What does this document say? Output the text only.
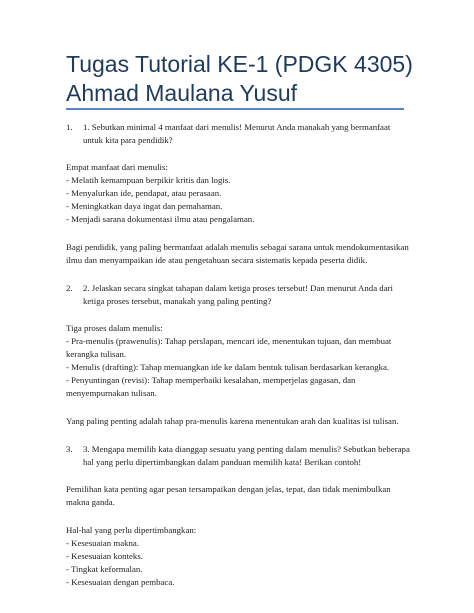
Tugas Tutorial KE-1 (PDGK 4305) Ahmad Maulana Yusuf
1.	1. Sebutkan minimal 4 manfaat dari menulis! Menurut Anda manakah yang bermanfaat untuk kita para pendidik?
Empat manfaat dari menulis:
- Melatih kemampuan berpikir kritis dan logis.
- Menyalurkan ide, pendapat, atau perasaan.
- Meningkatkan daya ingat dan pemahaman.
- Menjadi sarana dokumentasi ilmu atau pengalaman.
Bagi pendidik, yang paling bermanfaat adalah menulis sebagai sarana untuk mendokumentasikan ilmu dan menyampaikan ide atau pengetahuan secara sistematis kepada peserta didik.
2.	2. Jelaskan secara singkat tahapan dalam ketiga proses tersebut! Dan menurut Anda dari ketiga proses tersebut, manakah yang paling penting?
Tiga proses dalam menulis:
- Pra-menulis (prawenulis): Tahap perslapan, mencari ide, menentukan tujuan, dan membuat kerangka tulisan.
- Menulis (drafting): Tahap menuangkan ide ke dalam bentuk tulisan berdasarkan kerangka.
- Penyuntingan (revisi): Tahap memperbaiki kesalahan, memperjelas gagasan, dan menyempurnakan tulisan.
Yang paling penting adalah tahap pra-menulis karena menentukan arah dan kualitas isi tulisan.
3.	3. Mengapa memilih kata dianggap sesuatu yang penting dalam menulis? Sebutkan beberapa hal yang perlu dipertimbangkan dalam panduan memilih kata! Berikan contoh!
Pemilihan kata penting agar pesan tersampaikan dengan jelas, tepat, dan tidak menimbulkan makna ganda.
Hal-hal yang perlu dipertimbangkan:
- Kesesuaian makna.
- Kesesuaian konteks.
- Tingkat keformalan.
- Kesesuaian dengan pembaca.
